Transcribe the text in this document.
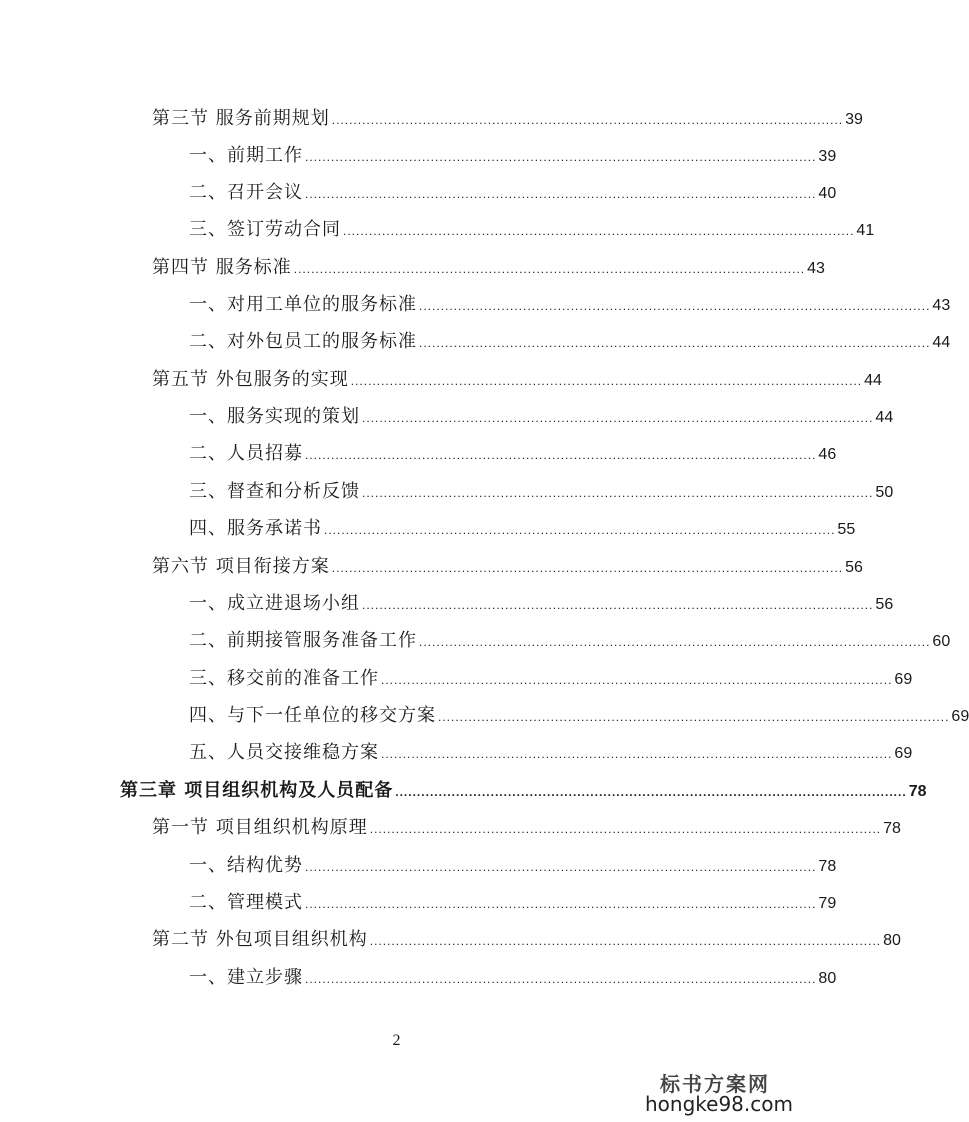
第三节 服务前期规划 ...................................................................................................................... 39
一、前期工作 ...................................................................................................................... 39
二、召开会议 ...................................................................................................................... 40
三、签订劳动合同 ...................................................................................................................... 41
第四节 服务标准 ...................................................................................................................... 43
一、对用工单位的服务标准 ...................................................................................................................... 43
二、对外包员工的服务标准 ...................................................................................................................... 44
第五节 外包服务的实现 ...................................................................................................................... 44
一、服务实现的策划 ...................................................................................................................... 44
二、人员招募 ...................................................................................................................... 46
三、督查和分析反馈 ...................................................................................................................... 50
四、服务承诺书 ...................................................................................................................... 55
第六节 项目衔接方案 ...................................................................................................................... 56
一、成立进退场小组 ...................................................................................................................... 56
二、前期接管服务准备工作 ...................................................................................................................... 60
三、移交前的准备工作 ...................................................................................................................... 69
四、与下一任单位的移交方案 ...................................................................................................................... 69
五、人员交接维稳方案 ...................................................................................................................... 69
第三章 项目组织机构及人员配备 ...................................................................................................................... 78
第一节 项目组织机构原理 ...................................................................................................................... 78
一、结构优势 ...................................................................................................................... 78
二、管理模式 ...................................................................................................................... 79
第二节 外包项目组织机构 ...................................................................................................................... 80
一、建立步骤 ...................................................................................................................... 80
2
标书方案网
hongke98.com
